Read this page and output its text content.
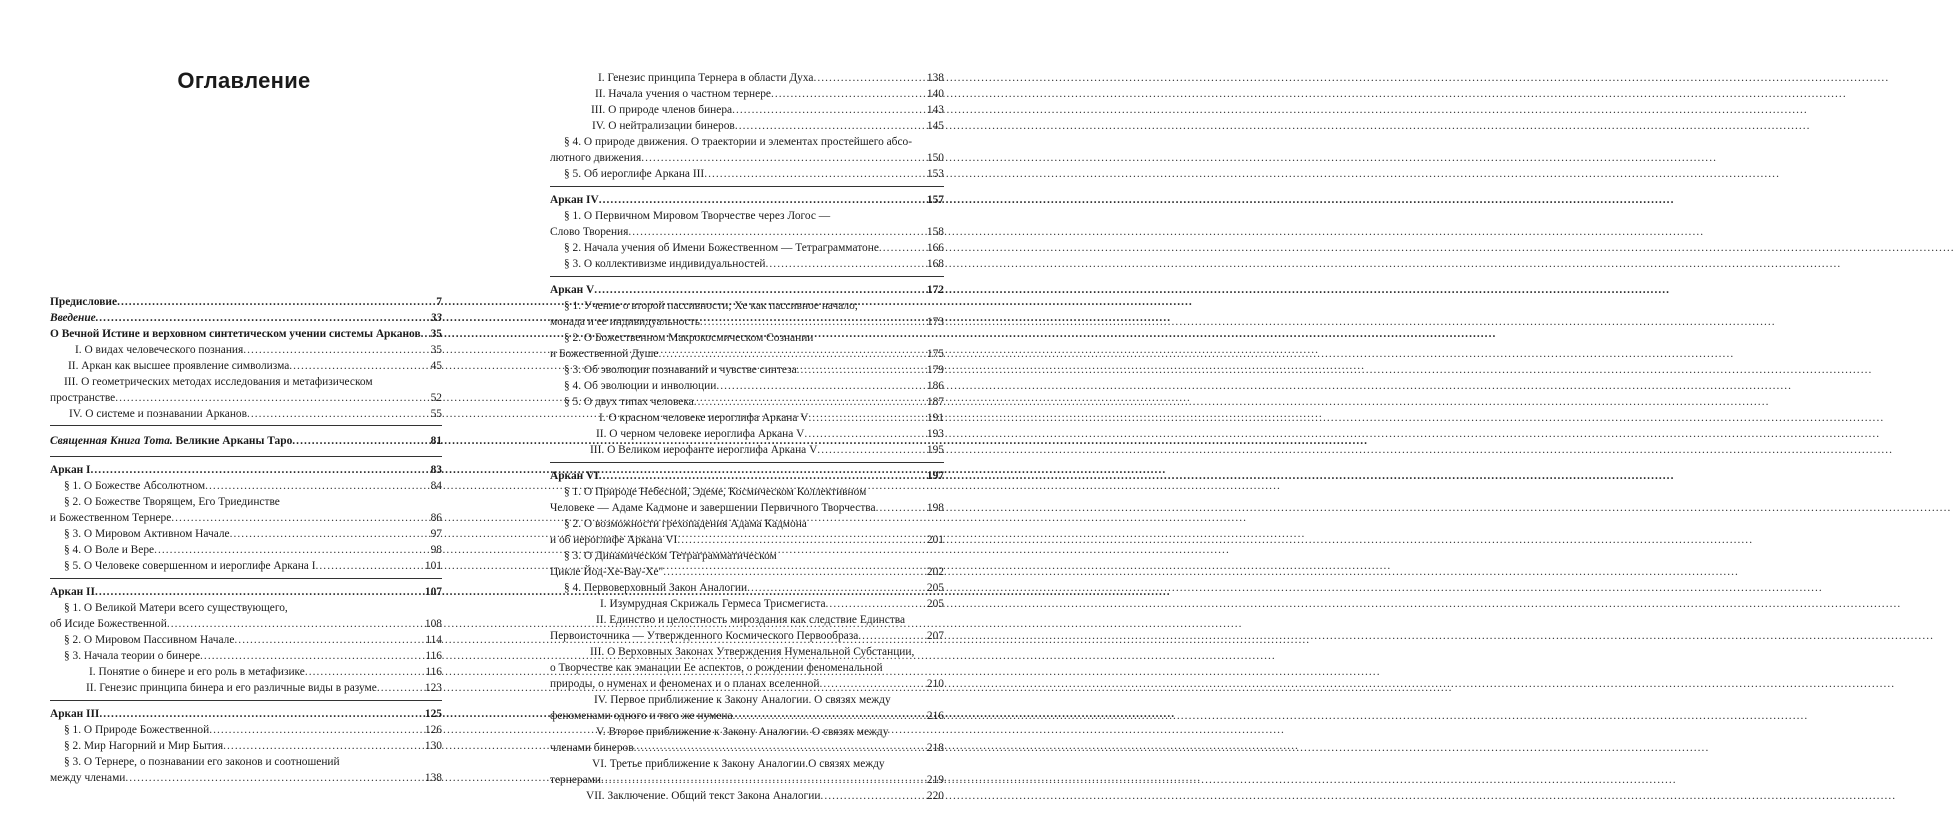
Оглавление
Предисловие .....	7
Введение .....	33
О Вечной Истине и верховном синтетическом учении системы Арканов ..... 35
I. О видах человеческого познания .....	35
II. Аркан как высшее проявление символизма .....	45
III. О геометрических методах исследования и метафизическом
пространстве .....	52
IV. О системе и познавании Арканов .....	55
Священная Книга Тота. Великие Арканы Таро .....	81
Аркан I .....	83
§ 1. О Божестве Абсолютном .....	84
§ 2. О Божестве Творящем, Его Триединстве
и Божественном Тернере .....	86
§ 3. О Мировом Активном Начале .....	97
§ 4. О Воле и Вере .....	98
§ 5. О Человеке совершенном и иероглифе Аркана I .....	101
Аркан II .....	107
§ 1. О Великой Матери всего существующего,
об Исиде Божественной .....	108
§ 2. О Мировом Пассивном Начале .....	114
§ 3. Начала теории о бинере .....	116
I. Понятие о бинере и его роль в метафизике .....	116
II. Генезис принципа бинера и его различные виды в разуме .....	123
Аркан III .....	125
§ 1. О Природе Божественной .....	126
§ 2. Мир Нагорний и Мир Бытия .....	130
§ 3. О Тернере, о познавании его законов и соотношений
между членами .....	138
I. Генезис принципа Тернера в области Духа .....	138
II. Начала учения о частном тернере .....	140
III. О природе членов бинера .....	143
IV. О нейтрализации бинеров .....	145
§ 4. О природе движения. О траектории и элементах простейшего абсо-
лютного движения .....	150
§ 5. Об иероглифе Аркана III .....	153
Аркан IV .....	157
§ 1. О Первичном Мировом Творчестве через Логос —
Слово Творения .....	158
§ 2. Начала учения об Имени Божественном — Тетраграмматоне .....	166
§ 3. О коллективизме индивидуальностей .....	168
Аркан V .....	172
§ 1. Учение о второй пассивности; Хе как пассивное начало;
монада и ее индивидуальность .....	173
§ 2. О Божественном Макрокосмическом Сознании
и Божественной Душе .....	175
§ 3. Об эволюции познаваний и чувстве синтеза .....	179
§ 4. Об эволюции и инволюции .....	186
§ 5. О двух типах человека .....	187
I. О красном человеке иероглифа Аркана V .....	191
II. О черном человеке иероглифа Аркана V .....	193
III. О Великом иерофанте иероглифа Аркана V .....	195
Аркан VI .....	197
§ 1. О Природе Небесной, Эдеме, Космическом Коллективном
Человеке — Адаме Кадмоне и завершении Первичного Творчества .....	198
§ 2. О возможности грехопадения Адама Кадмона
и об иероглифе Аркана VI .....	201
§ 3. О Динамическом Тетраграмматическом
Цикле Йод-Хе-Вау-Хе" .....	202
§ 4. Первоверховный Закон Аналогии .....	205
I. Изумрудная Скрижаль Гермеса Трисмегиста .....	205
II. Единство и целостность мироздания как следствие Единства
Первоисточника — Утвержденного Космического Первообраза .....	207
III. О Верховных Законах Утверждения Нуменальной Субстанции,
о Творчестве как эманации Ее аспектов, о рождении феноменальной
природы, о нуменах и феноменах и о планах вселенной .....	210
IV. Первое приближение к Закону Аналогии. О связях между
феноменами одного и того же нумена .....	216
V. Второе приближение к Закону Аналогии. О связях между
членами бинеров .....	218
VI. Третье приближение к Закону Аналогии.О связях между
тернерами .....	219
VII. Заключение. Общий текст Закона Аналогии .....	220
